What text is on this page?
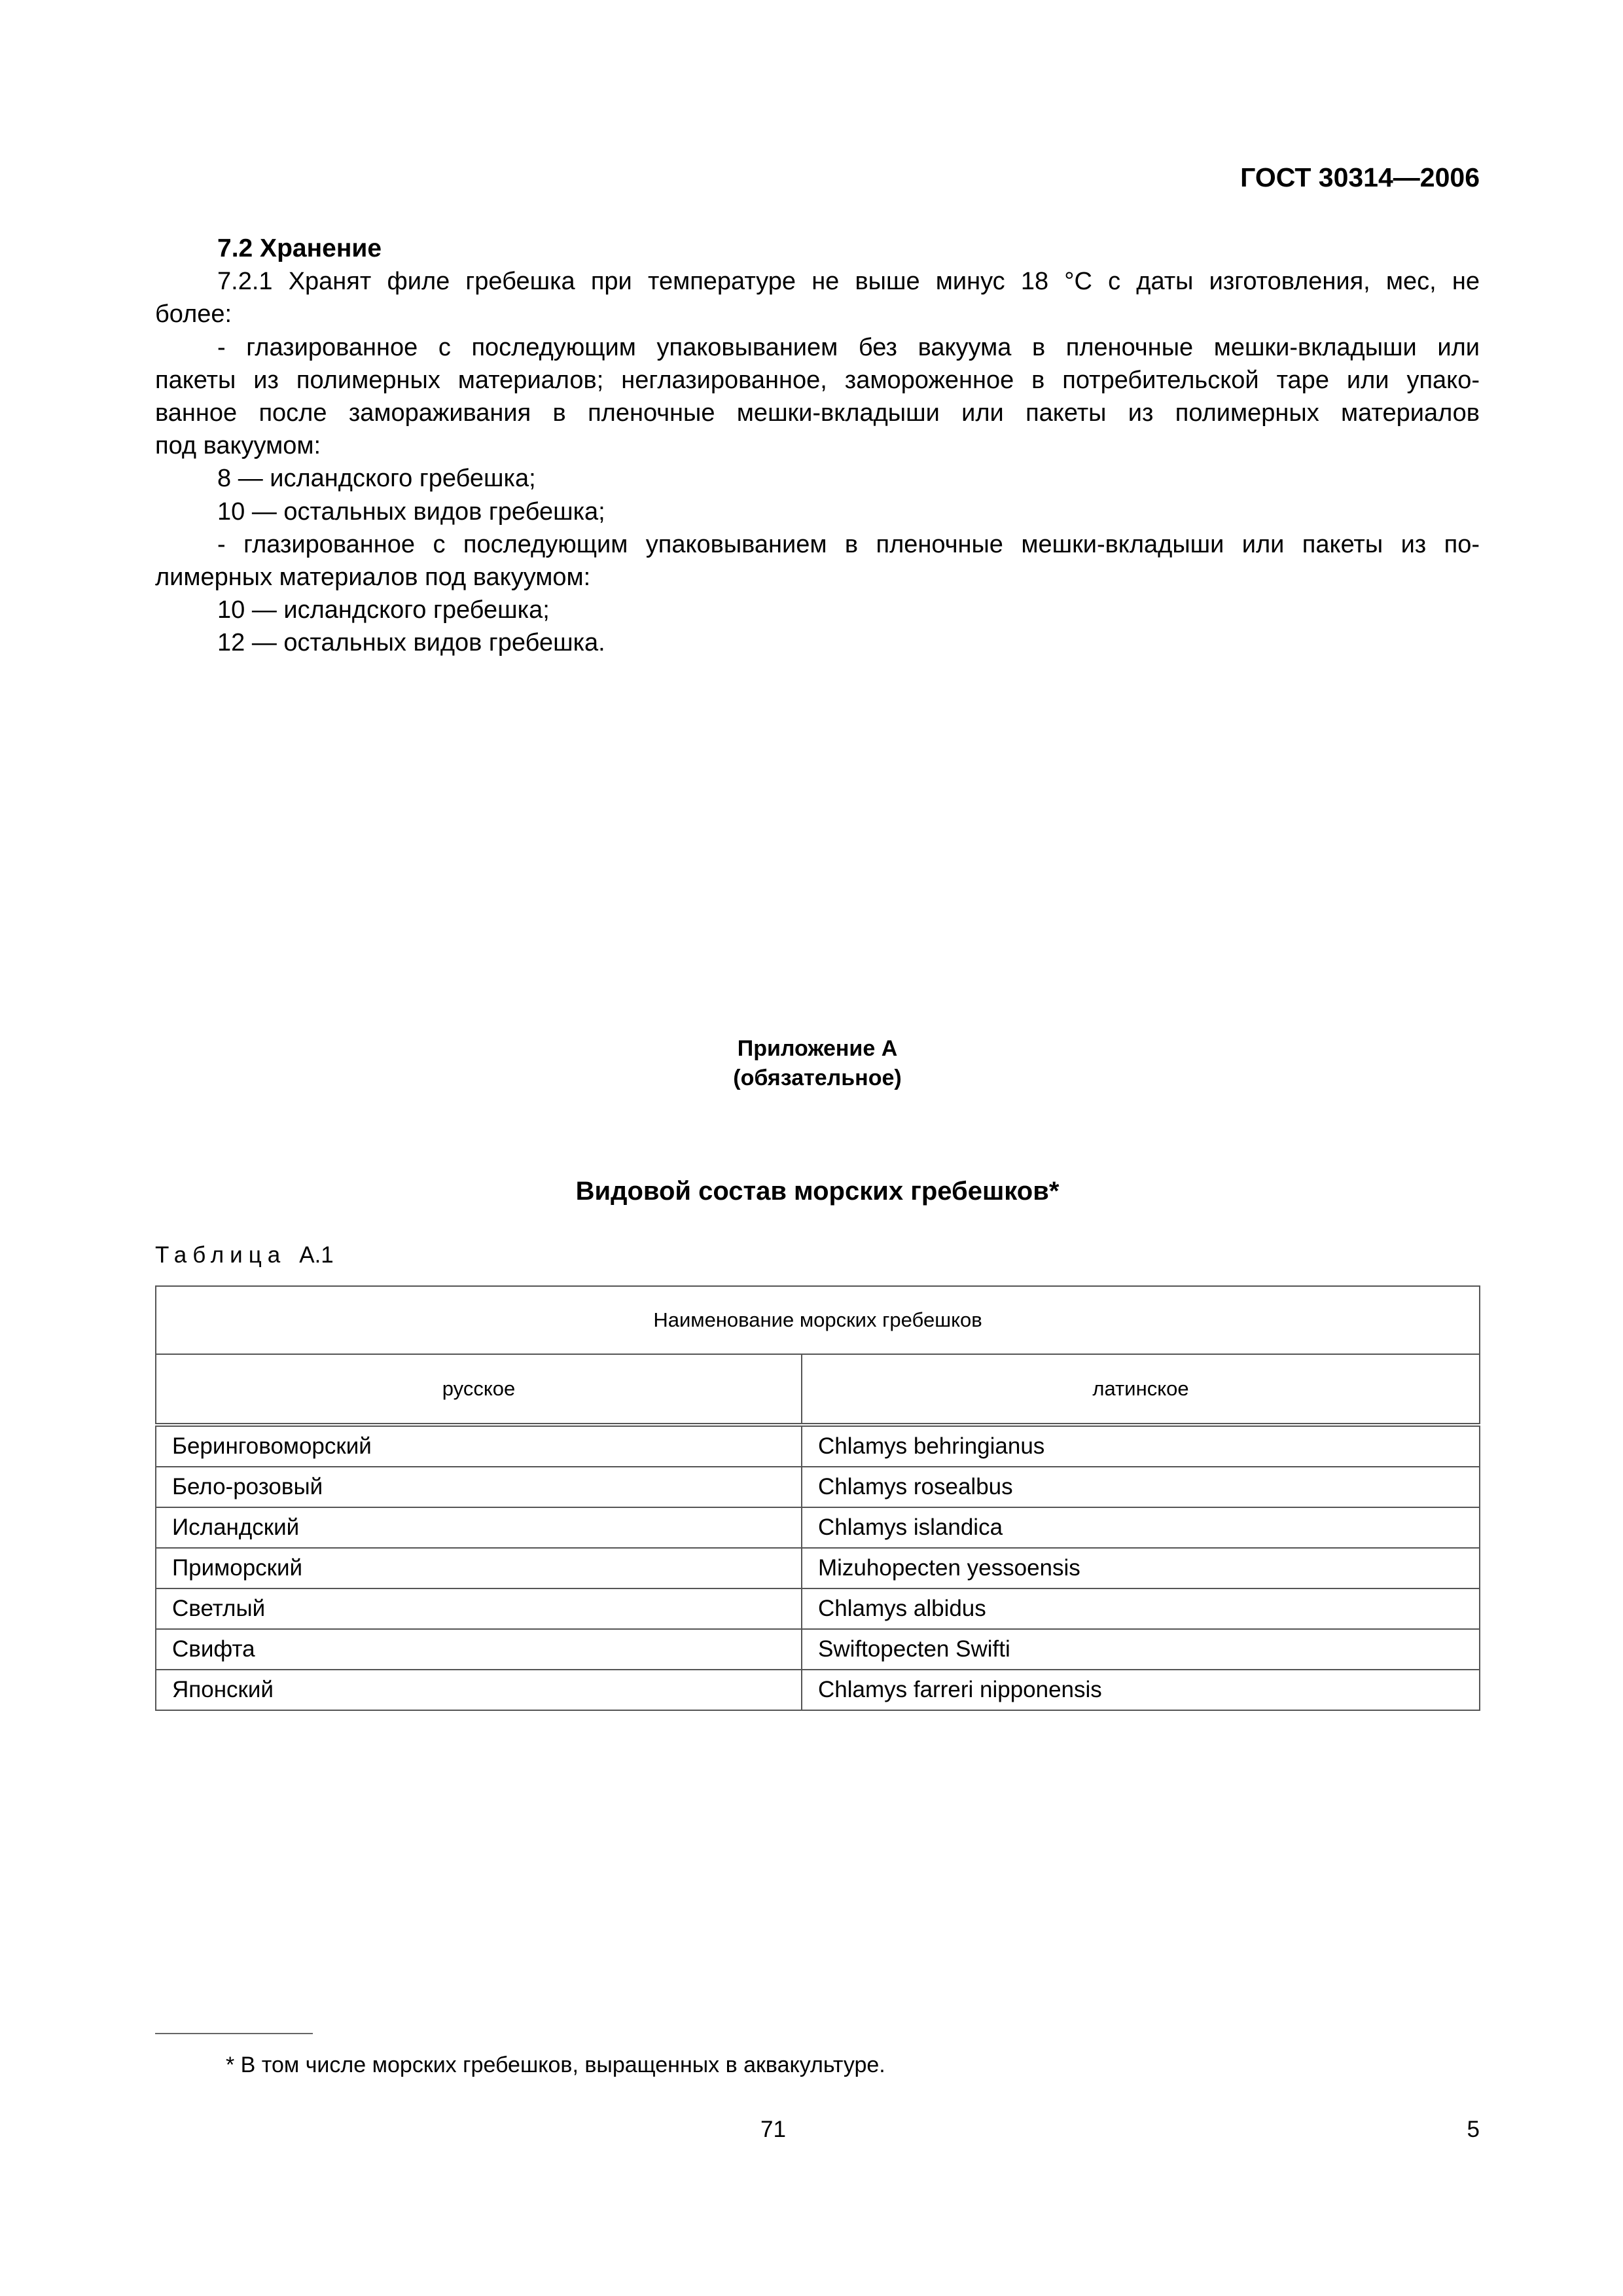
ГОСТ 30314—2006
7.2 Хранение
7.2.1 Хранят филе гребешка при температуре не выше минус 18 °С с даты изготовления, мес, не
более:
- глазированное с последующим упаковыванием без вакуума в пленочные мешки-вкладыши или
пакеты из полимерных материалов; неглазированное, замороженное в потребительской таре или упако-
ванное после замораживания в пленочные мешки-вкладыши или пакеты из полимерных материалов
под вакуумом:
8 — исландского гребешка;
10 — остальных видов гребешка;
- глазированное с последующим упаковыванием в пленочные мешки-вкладыши или пакеты из по-
лимерных материалов под вакуумом:
10 — исландского гребешка;
12 — остальных видов гребешка.
Приложение А
(обязательное)
Видовой состав морских гребешков*
Таблица А.1
Наименование морских гребешков	
русское	латинское
Беринговоморский	Chlamys behringianus
Бело-розовый	Chlamys rosealbus
Исландский	Chlamys islandica
Приморский	Mizuhopecten yessoensis
Светлый	Chlamys albidus
Свифта	Swiftopecten Swifti
Японский	Chlamys farreri nipponensis
* В том числе морских гребешков, выращенных в аквакультуре.
71	5
